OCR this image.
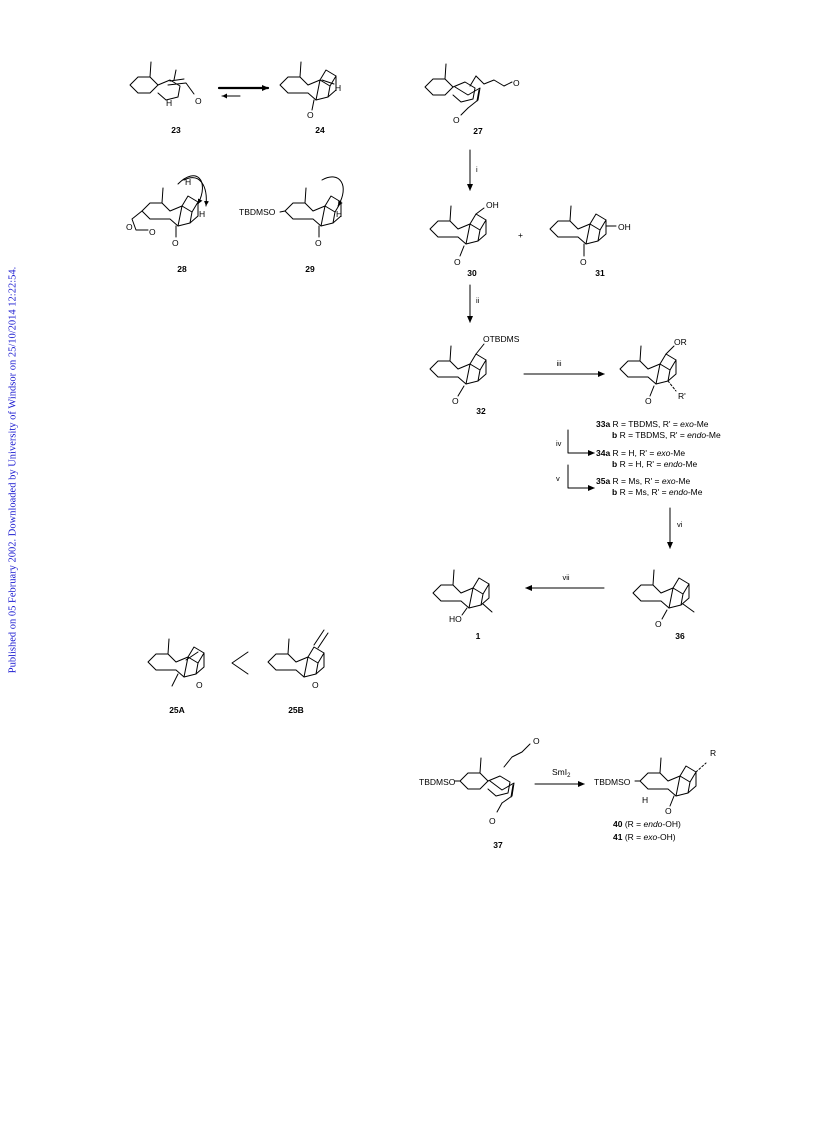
Published on 05 February 2002. Downloaded by University of Windsor on 25/10/2014 12:22:54.
H	O
23
H
O
24
O
O
27
i
H
H
O O
O
28
TBDMSO	H
O
29
OH
O
30
+
OH
O
31
ii
OTBDMS
O
32
iii
OR
O	R'
33a R = TBDMS, R' = exo-Me
b R = TBDMS, R' = endo-Me
iv
34a R = H, R' = exo-Me
b R = H, R' = endo-Me
v	35a R = Ms, R' = exo-Me
b R = Ms, R' = endo-Me
vi
O
36
vii
HO
1
O
25A
O
25B
O
TBDMSO
O
37
SmI$_2$
R
TBDMSO
H
O
40 (R = endo-OH)
41 (R = exo-OH)
